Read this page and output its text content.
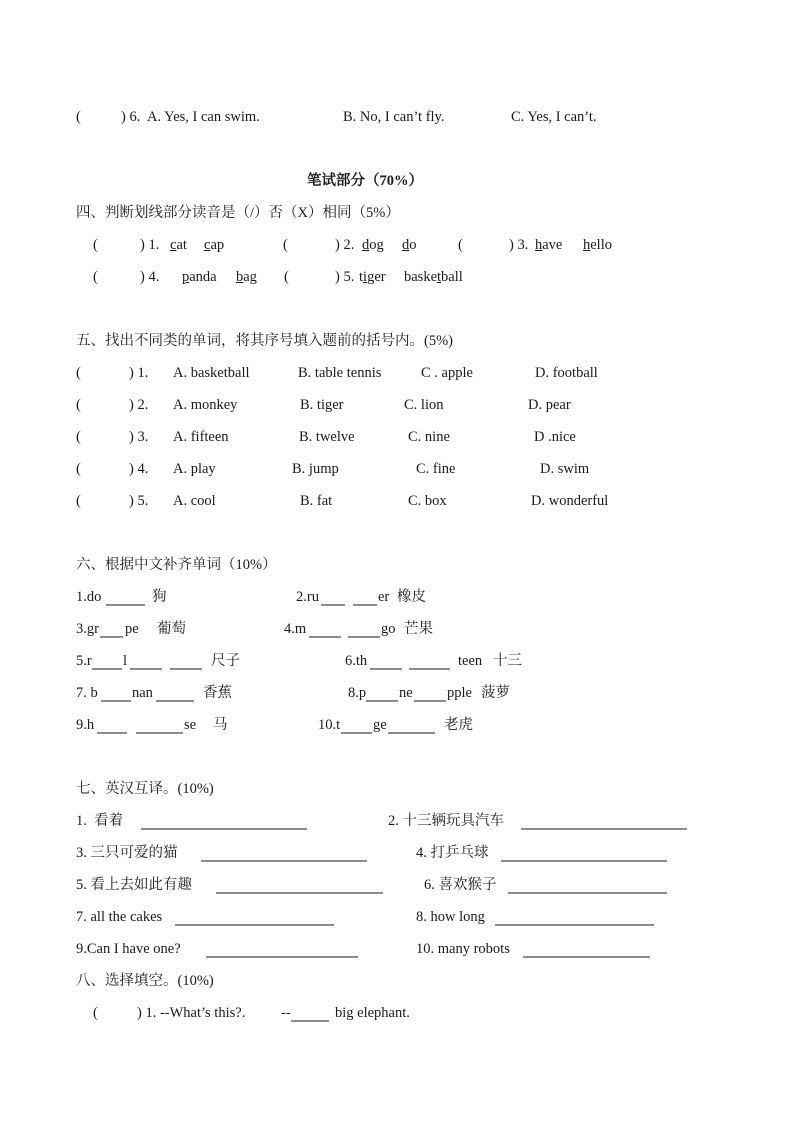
(	) 6. A. Yes, I can swim.	B. No, I can’t fly.	C. Yes, I can’t.
笔试部分（70%）
四、判断划线部分读音是（/）否（X）相同（5%）
(	) 1. cat cap	(	) 2. dog do	(	) 3. have hello
(	) 4. panda bag (	) 5. tiger basketball
五、找出不同类的单词，将其序号填入题前的括号内。(5%)
(	) 1. A. basketball	B. table tennis	C . apple	D. football
(	) 2. A. monkey	B. tiger	C. lion	D. pear
(	) 3. A. fifteen	B. twelve	C. nine	D .nice
(	) 4. A. play	B. jump	C. fine	D. swim
(	) 5. A. cool	B. fat	C. box	D. wonderful
六、根据中文补齐单词（10%）
1.do	狗	2.ru	er 橡皮
3.gr pe 葡萄	4.m	go 芒果
5.r l	尺子	6.th	teen 十三
7. b nan	香蕉	8.p ne pple 菠萝
9.h	se 马	10.t ge	老虎
七、英汉互译。(10%)
1.  看着	2. 十三辆玩具汽车
3. 三只可爱的猫	4. 打乒乓球
5. 看上去如此有趣	6. 喜欢猴子
7. all the cakes	8. how long
9.Can I have one?	10. many robots
八、选择填空。(10%)
(	) 1. --What’s this?. --	big elephant.
